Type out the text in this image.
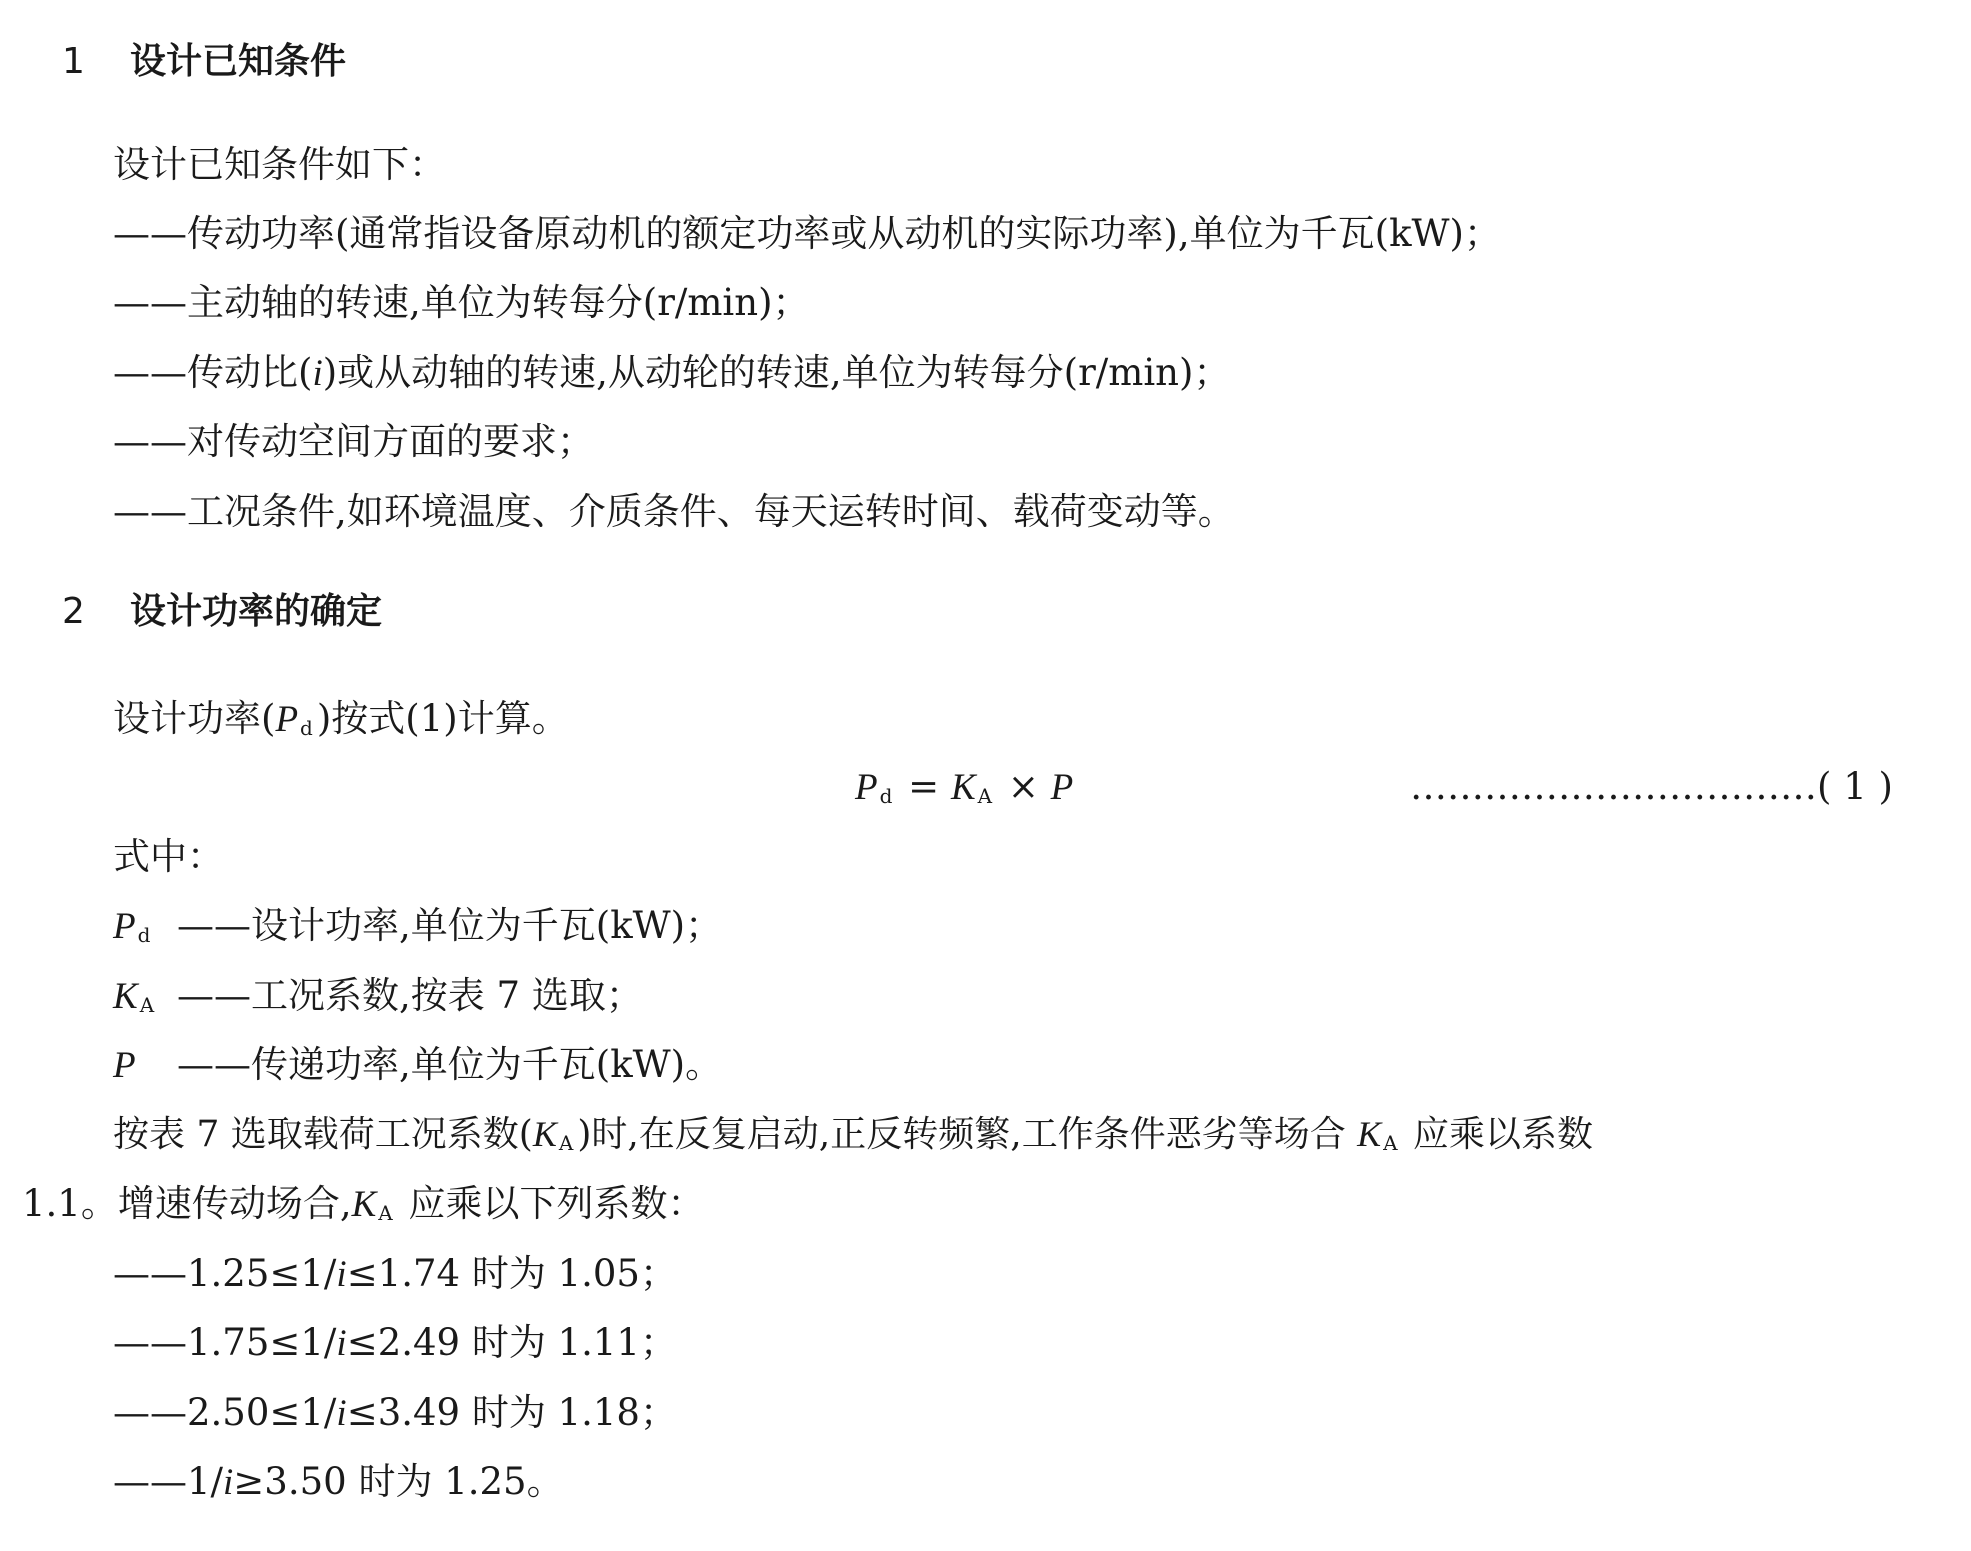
1 设计已知条件
设计已知条件如下：
——传动功率(通常指设备原动机的额定功率或从动机的实际功率),单位为千瓦(kW)；
——主动轴的转速,单位为转每分(r/min)；
——传动比(i)或从动轴的转速,从动轮的转速,单位为转每分(r/min)；
——对传动空间方面的要求；
——工况条件,如环境温度、介质条件、每天运转时间、载荷变动等。
2 设计功率的确定
设计功率(P $_d$ )按式(1)计算。
P $_d$ = K $_A$ × P	……………………………( 1 )
式中：
P $_d$ ——设计功率,单位为千瓦(kW)；
K $_A$ ——工况系数,按表 7 选取；
P ——传递功率,单位为千瓦(kW)。
按表 7 选取载荷工况系数(K $_A$ )时,在反复启动,正反转频繁,工作条件恶劣等场合 K $_A$ 应乘以系数
1.1。增速传动场合,K $_A$ 应乘以下列系数：
——1.25≤1/i≤1.74 时为 1.05；
——1.75≤1/i≤2.49 时为 1.11；
——2.50≤1/i≤3.49 时为 1.18；
——1/i≥3.50 时为 1.25。
